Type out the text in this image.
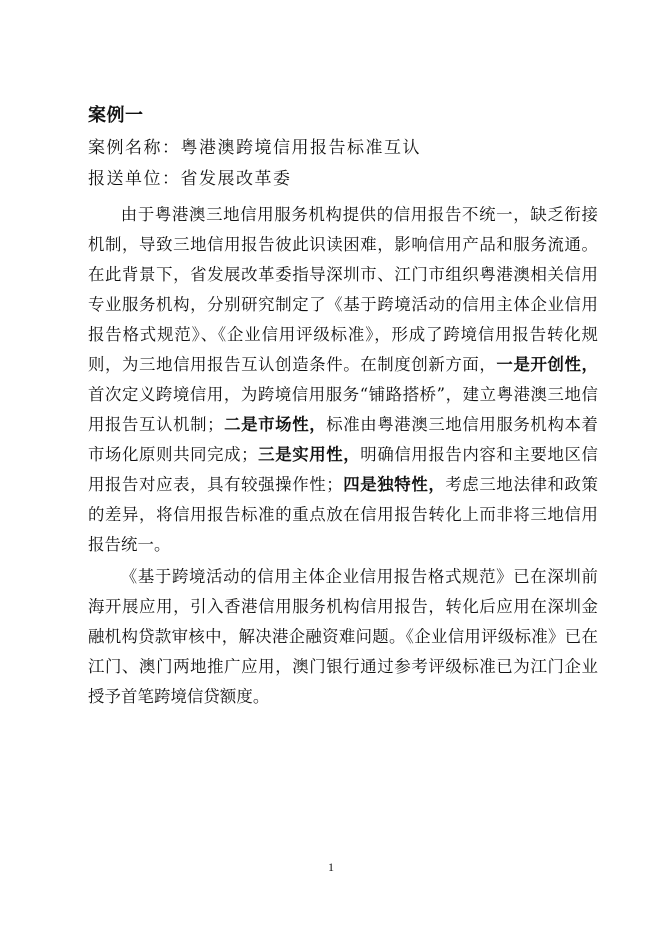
案例一
案例名称：粤港澳跨境信用报告标准互认
报送单位：省发展改革委

由于粤港澳三地信用服务机构提供的信用报告不统一，缺乏衔接机制，导致三地信用报告彼此识读困难，影响信用产品和服务流通。在此背景下，省发展改革委指导深圳市、江门市组织粤港澳相关信用专业服务机构，分别研究制定了《基于跨境活动的信用主体企业信用报告格式规范》、《企业信用评级标准》，形成了跨境信用报告转化规则，为三地信用报告互认创造条件。在制度创新方面，一是开创性，首次定义跨境信用，为跨境信用服务“铺路搭桥”，建立粤港澳三地信用报告互认机制；二是市场性，标准由粤港澳三地信用服务机构本着市场化原则共同完成；三是实用性，明确信用报告内容和主要地区信用报告对应表，具有较强操作性；四是独特性，考虑三地法律和政策的差异，将信用报告标准的重点放在信用报告转化上而非将三地信用报告统一。

《基于跨境活动的信用主体企业信用报告格式规范》已在深圳前海开展应用，引入香港信用服务机构信用报告，转化后应用在深圳金融机构贷款审核中，解决港企融资难问题。《企业信用评级标准》已在江门、澳门两地推广应用，澳门银行通过参考评级标准已为江门企业授予首笔跨境信贷额度。

1
